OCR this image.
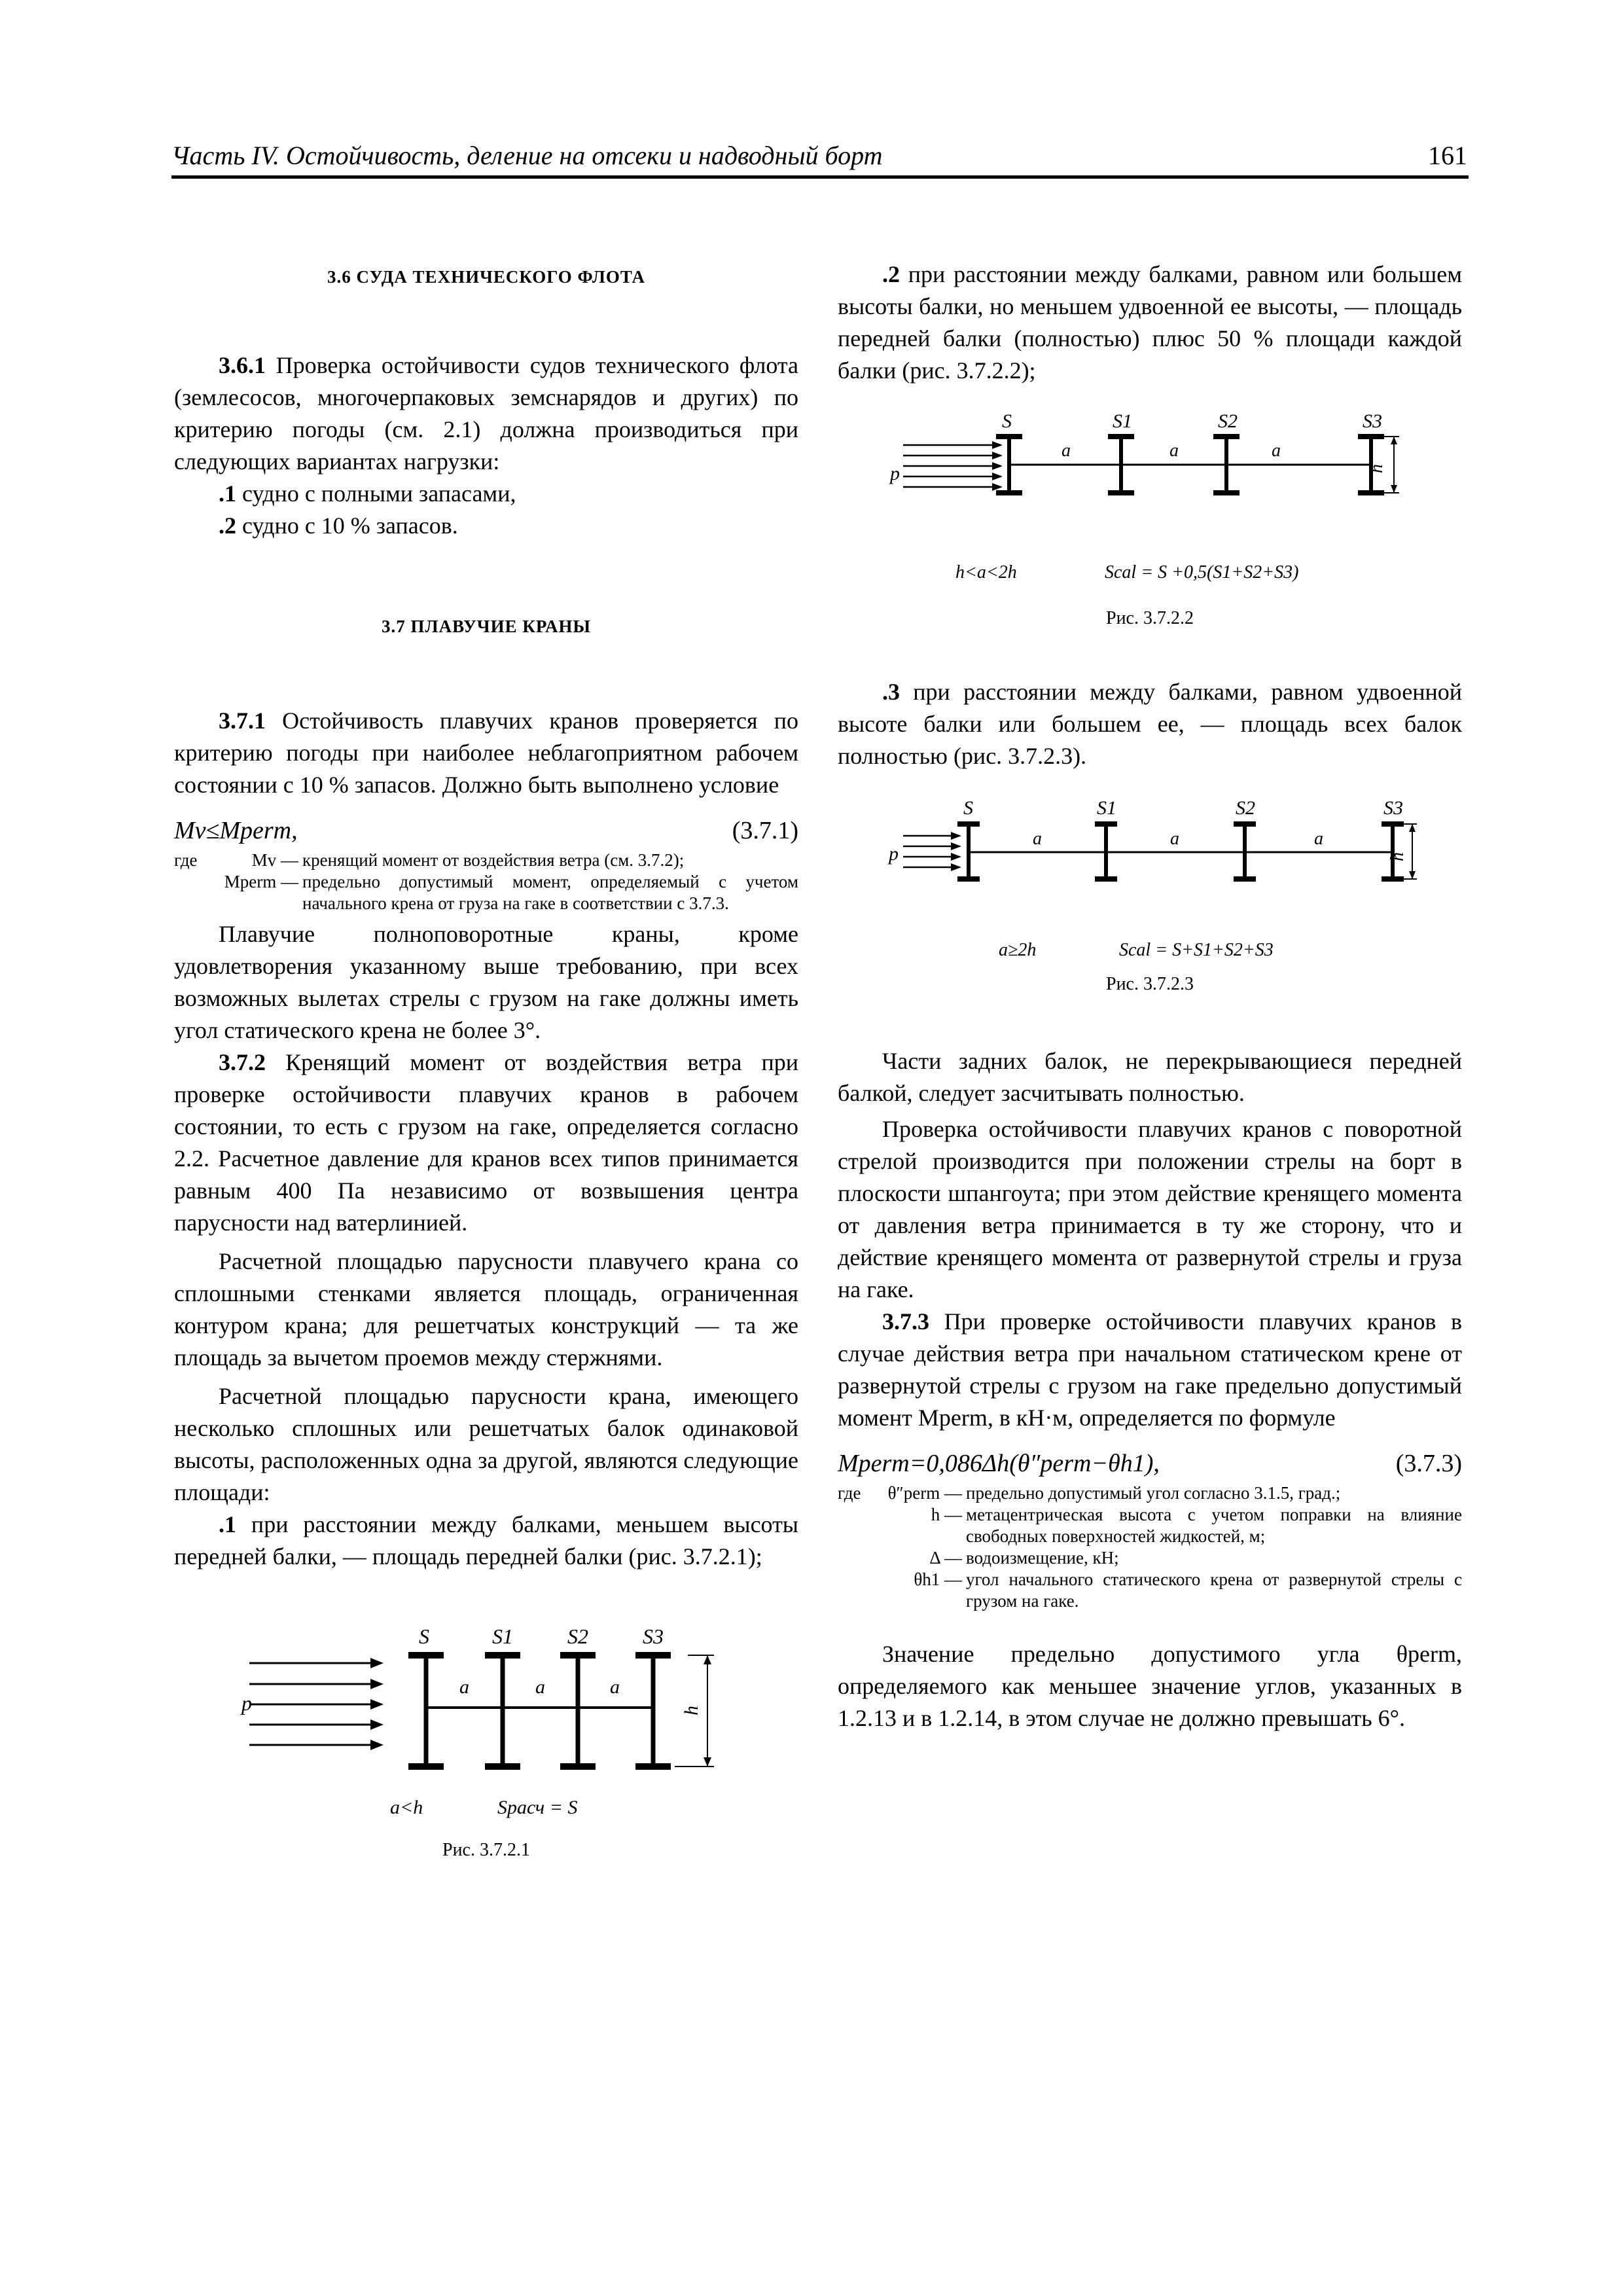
Часть IV. Остойчивость, деление на отсеки и надводный борт	161

3.6 СУДА ТЕХНИЧЕСКОГО ФЛОТА

3.6.1 Проверка остойчивости судов технического флота (землесосов, многочерпаковых земснарядов и других) по критерию погоды (см. 2.1) должна производиться при следующих вариантах нагрузки:

.1 судно с полными запасами,

.2 судно с 10 % запасов.

3.7 ПЛАВУЧИЕ КРАНЫ

3.7.1 Остойчивость плавучих кранов проверяется по критерию погоды при наиболее неблагоприятном рабочем состоянии с 10 % запасов. Должно быть выполнено условие

Mv≤Mperm,	(3.7.1)
где	Mv —	кренящий момент от воздействия ветра (см. 3.7.2);
	Mperm —	предельно допустимый момент, определяемый с учетом начального крена от груза на гаке в соответствии с 3.7.3.

Плавучие полноповоротные краны, кроме удовлетворения указанному выше требованию, при всех возможных вылетах стрелы с грузом на гаке должны иметь угол статического крена не более 3°.

3.7.2 Кренящий момент от воздействия ветра при проверке остойчивости плавучих кранов в рабочем состоянии, то есть с грузом на гаке, определяется согласно 2.2. Расчетное давление для кранов всех типов принимается равным 400 Па независимо от возвышения центра парусности над ватерлинией.

Расчетной площадью парусности плавучего крана со сплошными стенками является площадь, ограниченная контуром крана; для решетчатых конструкций — та же площадь за вычетом проемов между стержнями.

Расчетной площадью парусности крана, имеющего несколько сплошных или решетчатых балок одинаковой высоты, расположенных одна за другой, являются следующие площади:

.1 при расстоянии между балками, меньшем высоты передней балки, — площадь передней балки (рис. 3.7.2.1);

p
S	S1	S2	S3
a	a	a
h
a<h	Sрасч = S
Рис. 3.7.2.1

.2 при расстоянии между балками, равном или большем высоты балки, но меньшем удвоенной ее высоты, — площадь передней балки (полностью) плюс 50 % площади каждой балки (рис. 3.7.2.2);

p
S	S1	S2	S3
a	a	a
h
h<a<2h	Scal = S +0,5(S1+S2+S3)
Рис. 3.7.2.2

.3 при расстоянии между балками, равном удвоенной высоте балки или большем ее, — площадь всех балок полностью (рис. 3.7.2.3).

p
S	S1	S2	S3
a	a	a
h
a≥2h	Scal = S+S1+S2+S3
Рис. 3.7.2.3

Части задних балок, не перекрывающиеся передней балкой, следует засчитывать полностью.

Проверка остойчивости плавучих кранов с поворотной стрелой производится при положении стрелы на борт в плоскости шпангоута; при этом действие кренящего момента от давления ветра принимается в ту же сторону, что и действие кренящего момента от развернутой стрелы и груза на гаке.

3.7.3 При проверке остойчивости плавучих кранов в случае действия ветра при начальном статическом крене от развернутой стрелы с грузом на гаке предельно допустимый момент Mperm, в кН·м, определяется по формуле

Mperm=0,086Δh(θ″perm−θh1),	(3.7.3)
где	θ″perm —	предельно допустимый угол согласно 3.1.5, град.;
	h —	метацентрическая высота с учетом поправки на влияние свободных поверхностей жидкостей, м;
	Δ —	водоизмещение, кН;
	θh1 —	угол начального статического крена от развернутой стрелы с грузом на гаке.

Значение предельно допустимого угла θperm, определяемого как меньшее значение углов, указанных в 1.2.13 и в 1.2.14, в этом случае не должно превышать 6°.
